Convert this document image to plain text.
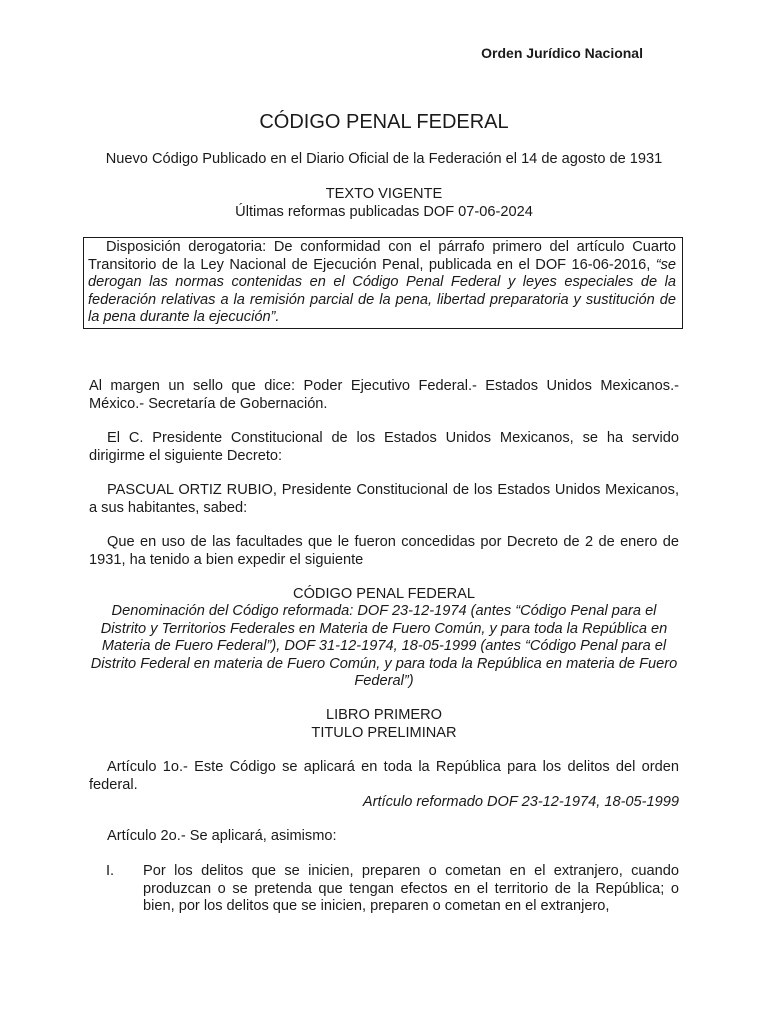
Orden Jurídico Nacional
CÓDIGO PENAL FEDERAL
Nuevo Código Publicado en el Diario Oficial de la Federación el 14 de agosto de 1931

TEXTO VIGENTE

Últimas reformas publicadas DOF 07-06-2024

Disposición derogatoria: De conformidad con el párrafo primero del artículo Cuarto Transitorio de la Ley Nacional de Ejecución Penal, publicada en el DOF 16-06-2016, “se derogan las normas contenidas en el Código Penal Federal y leyes especiales de la federación relativas a la remisión parcial de la pena, libertad preparatoria y sustitución de la pena durante la ejecución”.

Al margen un sello que dice: Poder Ejecutivo Federal.- Estados Unidos Mexicanos.- México.- Secretaría de Gobernación.

El C. Presidente Constitucional de los Estados Unidos Mexicanos, se ha servido dirigirme el siguiente Decreto:

PASCUAL ORTIZ RUBIO, Presidente Constitucional de los Estados Unidos Mexicanos, a sus habitantes, sabed:

Que en uso de las facultades que le fueron concedidas por Decreto de 2 de enero de 1931, ha tenido a bien expedir el siguiente

CÓDIGO PENAL FEDERAL

Denominación del Código reformada: DOF 23-12-1974 (antes “Código Penal para el Distrito y Territorios Federales en Materia de Fuero Común, y para toda la República en Materia de Fuero Federal”), DOF 31-12-1974, 18-05-1999 (antes “Código Penal para el Distrito Federal en materia de Fuero Común, y para toda la República en materia de Fuero Federal”)

LIBRO PRIMERO

TITULO PRELIMINAR

Artículo 1o.- Este Código se aplicará en toda la República para los delitos del orden federal.

Artículo reformado DOF 23-12-1974, 18-05-1999

Artículo 2o.- Se aplicará, asimismo:

I. Por los delitos que se inicien, preparen o cometan en el extranjero, cuando produzcan o se pretenda que tengan efectos en el territorio de la República; o bien, por los delitos que se inicien, preparen o cometan en el extranjero,
